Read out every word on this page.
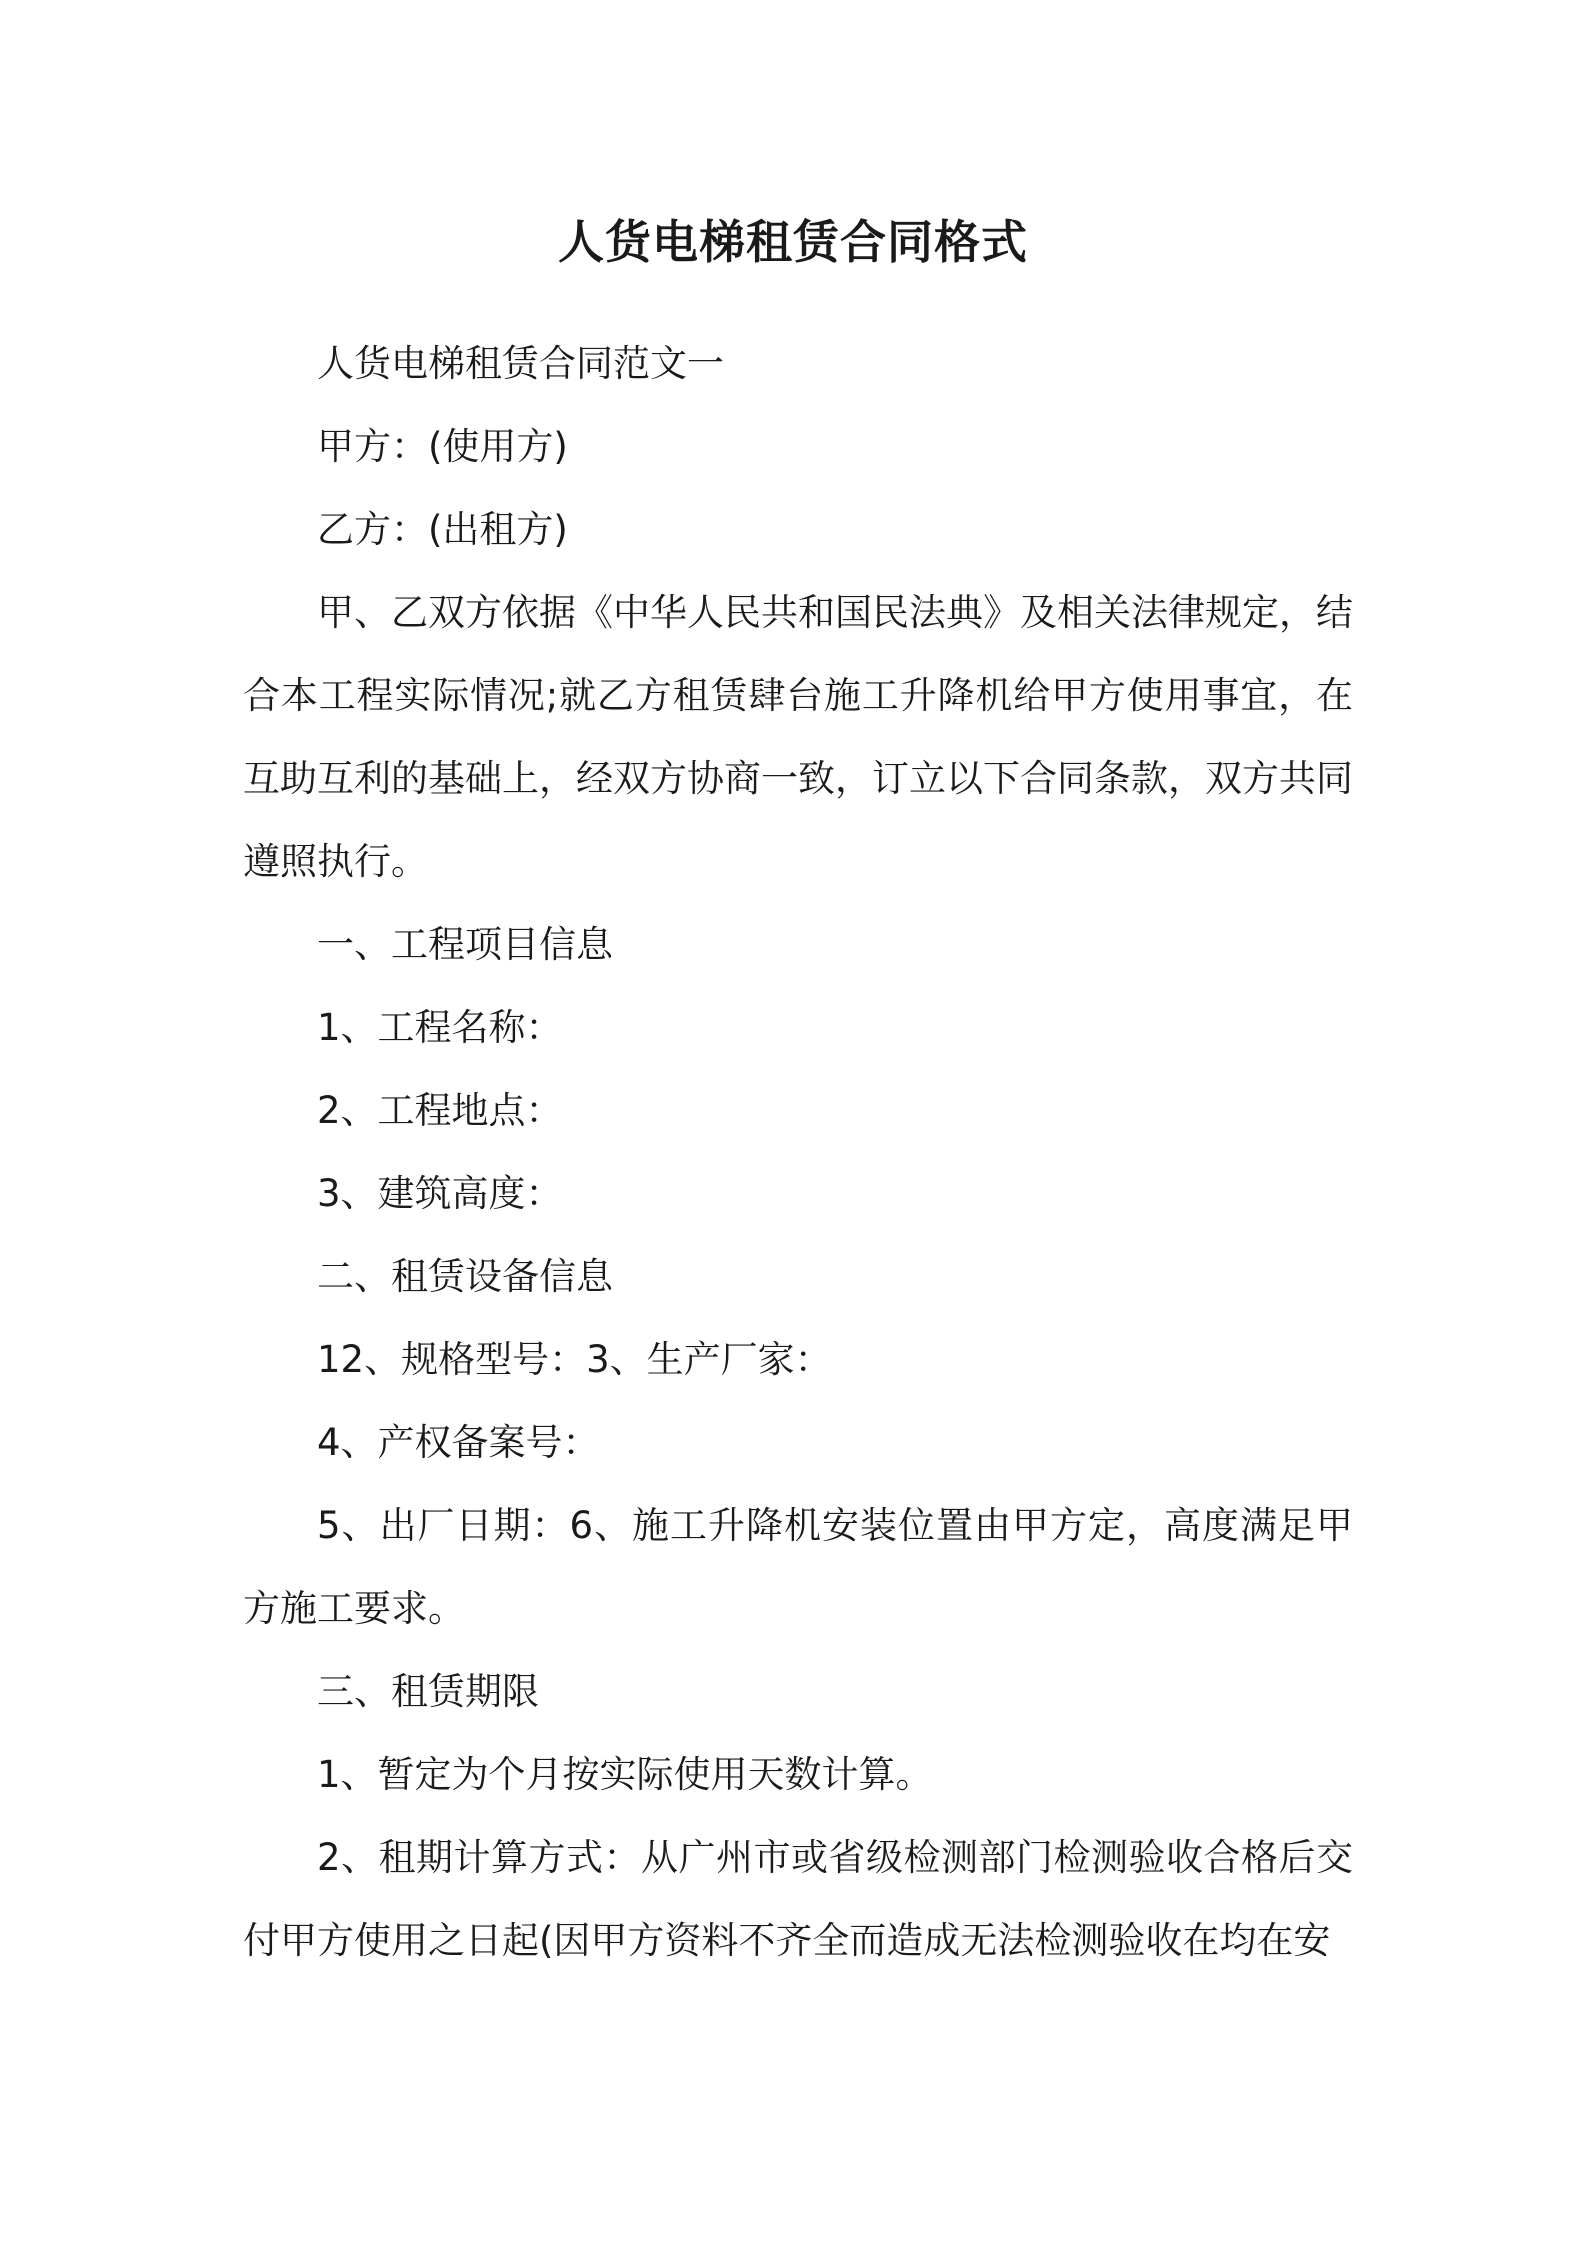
人货电梯租赁合同格式

人货电梯租赁合同范文一

甲方：(使用方)

乙方：(出租方)

甲、乙双方依据《中华人民共和国民法典》及相关法律规定，结合本工程实际情况;就乙方租赁肆台施工升降机给甲方使用事宜，在互助互利的基础上，经双方协商一致，订立以下合同条款，双方共同遵照执行。

一、工程项目信息

1、工程名称：

2、工程地点：

3、建筑高度：

二、租赁设备信息

12、规格型号：3、生产厂家：

4、产权备案号：

5、出厂日期：6、施工升降机安装位置由甲方定，高度满足甲方施工要求。

三、租赁期限

1、暂定为个月按实际使用天数计算。

2、租期计算方式：从广州市或省级检测部门检测验收合格后交付甲方使用之日起(因甲方资料不齐全而造成无法检测验收在均在安
